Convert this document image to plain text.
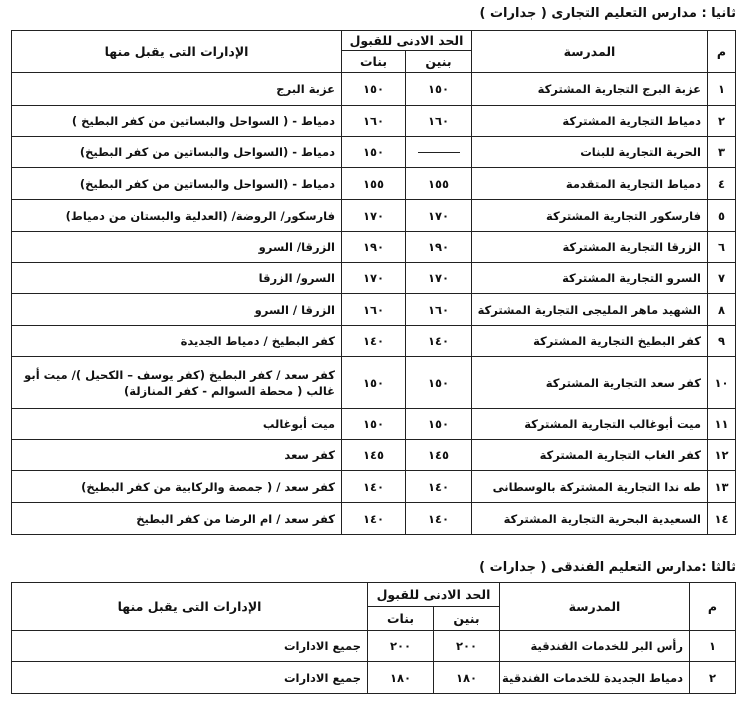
ثانيا : مدارس التعليم التجارى ( جدارات )
م	المدرسة	الحد الادنى للقبول		الإدارات التى يقبل منها
		بنين	بنات	
١	عزبة البرج التجارية المشتركة	١٥٠	١٥٠	عزبة البرج
٢	دمياط التجارية المشتركة	١٦٠	١٦٠	دمياط - ( السواحل والبساتين من كفر البطيخ )
٣	الحرية التجارية للبنات		١٥٠	دمياط - (السواحل والبساتين من كفر البطيخ)
٤	دمياط التجارية المتقدمة	١٥٥	١٥٥	دمياط - (السواحل والبساتين من كفر البطيخ)
٥	فارسكور التجارية المشتركة	١٧٠	١٧٠	فارسكور/ الروضة/ (العدلية والبستان من دمياط)
٦	الزرقا التجارية المشتركة	١٩٠	١٩٠	الزرقا/ السرو
٧	السرو التجارية المشتركة	١٧٠	١٧٠	السرو/ الزرقا
٨	الشهيد ماهر المليجى التجارية المشتركة	١٦٠	١٦٠	الزرقا / السرو
٩	كفر البطيخ التجارية المشتركة	١٤٠	١٤٠	كفر البطيخ / دمياط الجديدة
١٠	كفر سعد التجارية المشتركة	١٥٠	١٥٠	كفر سعد / كفر البطيخ (كفر يوسف – الكحيل )/ ميت أبو غالب ( محطة السوالم - كفر المنازلة)
١١	ميت أبوغالب التجارية المشتركة	١٥٠	١٥٠	ميت أبوغالب
١٢	كفر الغاب التجارية المشتركة	١٤٥	١٤٥	كفر سعد
١٣	طه ندا التجارية المشتركة بالوسطانى	١٤٠	١٤٠	كفر سعد / ( جمصة والركابية من كفر البطيخ)
١٤	السعيدية البحرية التجارية المشتركة	١٤٠	١٤٠	كفر سعد / ام الرضا من كفر البطيخ
ثالثا :مدارس التعليم الفندقى ( جدارات )
م	المدرسة	الحد الادنى للقبول		الإدارات التى يقبل منها
		بنين	بنات	
١	رأس البر للخدمات الفندقية	٢٠٠	٢٠٠	جميع الادارات
٢	دمياط الجديدة للخدمات الفندقية	١٨٠	١٨٠	جميع الادارات
